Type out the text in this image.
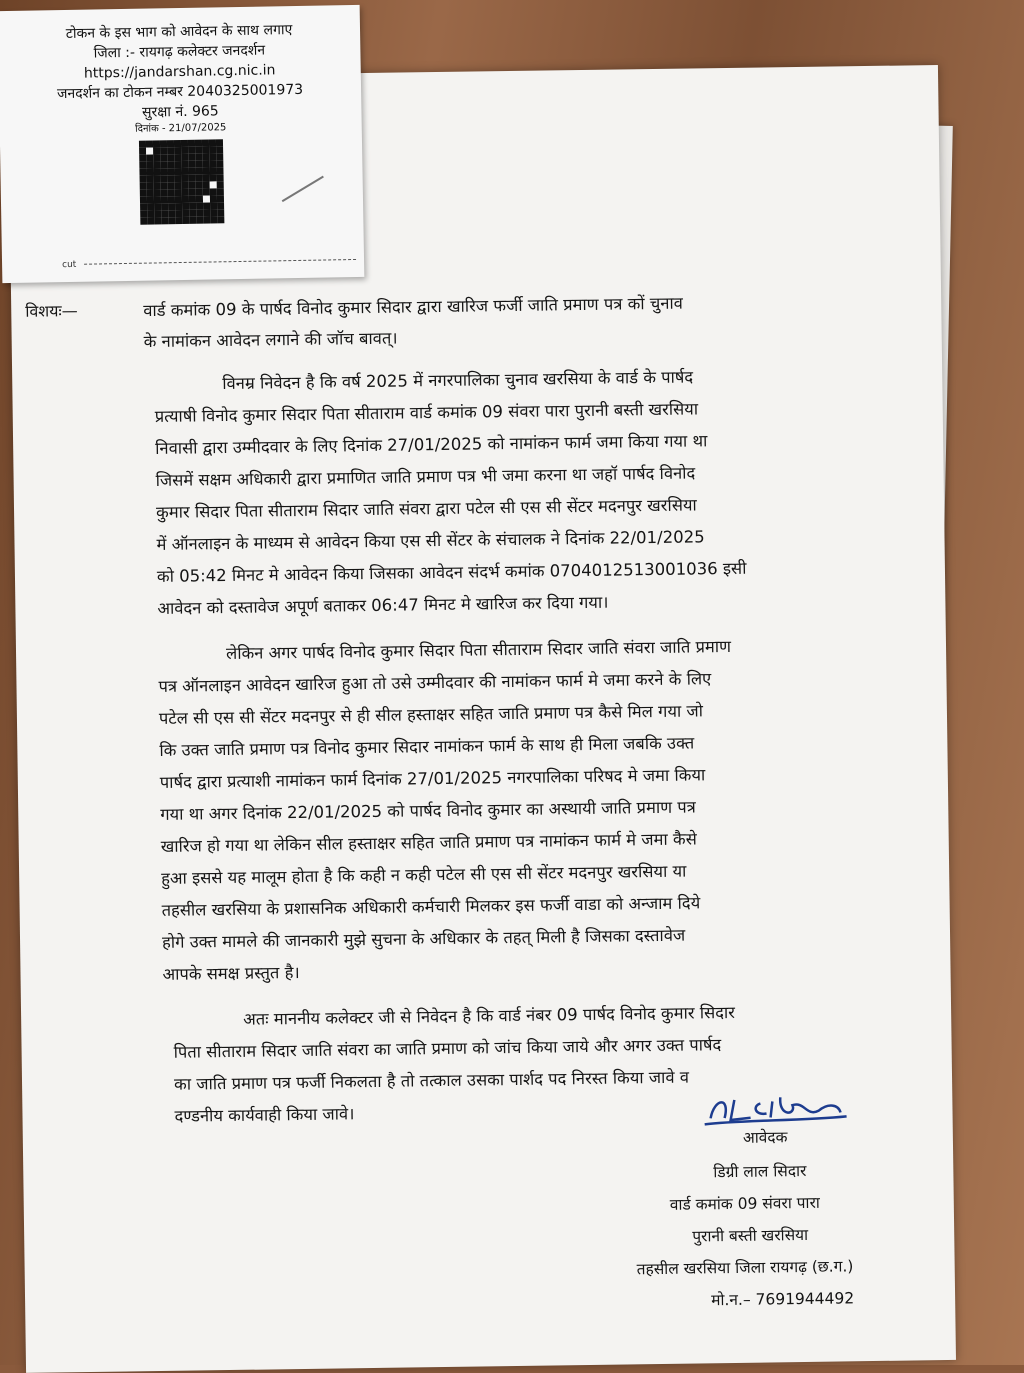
विशयः—	वार्ड कमांक 09 के पार्षद विनोद कुमार सिदार द्वारा खारिज फर्जी जाति प्रमाण पत्र कों चुनाव
के नामांकन आवेदन लगाने की जॉच बावत्।
विनम्र निवेदन है कि वर्ष 2025 में नगरपालिका चुनाव खरसिया के वार्ड के पार्षद
प्रत्याषी विनोद कुमार सिदार पिता सीताराम वार्ड कमांक 09 संवरा पारा पुरानी बस्ती खरसिया
निवासी द्वारा उम्मीदवार के लिए दिनांक 27/01/2025 को नामांकन फार्म जमा किया गया था
जिसमें सक्षम अधिकारी द्वारा प्रमाणित जाति प्रमाण पत्र भी जमा करना था जहॉ पार्षद विनोद
कुमार सिदार पिता सीताराम सिदार जाति संवरा द्वारा पटेल सी एस सी सेंटर मदनपुर खरसिया
में ऑनलाइन के माध्यम से आवेदन किया एस सी सेंटर के संचालक ने दिनांक 22/01/2025
को 05:42 मिनट मे आवेदन किया जिसका आवेदन संदर्भ कमांक 0704012513001036 इसी
आवेदन को दस्तावेज अपूर्ण बताकर 06:47 मिनट मे खारिज कर दिया गया।
लेकिन अगर पार्षद विनोद कुमार सिदार पिता सीताराम सिदार जाति संवरा जाति प्रमाण
पत्र ऑनलाइन आवेदन खारिज हुआ तो उसे उम्मीदवार की नामांकन फार्म मे जमा करने के लिए
पटेल सी एस सी सेंटर मदनपुर से ही सील हस्ताक्षर सहित जाति प्रमाण पत्र कैसे मिल गया जो
कि उक्त जाति प्रमाण पत्र विनोद कुमार सिदार नामांकन फार्म के साथ ही मिला जबकि उक्त
पार्षद द्वारा प्रत्याशी नामांकन फार्म दिनांक 27/01/2025 नगरपालिका परिषद मे जमा किया
गया था अगर दिनांक 22/01/2025 को पार्षद विनोद कुमार का अस्थायी जाति प्रमाण पत्र
खारिज हो गया था लेकिन सील हस्ताक्षर सहित जाति प्रमाण पत्र नामांकन फार्म मे जमा कैसे
हुआ इससे यह मालूम होता है कि कही न कही पटेल सी एस सी सेंटर मदनपुर खरसिया या
तहसील खरसिया के प्रशासनिक अधिकारी कर्मचारी मिलकर इस फर्जी वाडा को अन्जाम दिये
होगे उक्त मामले की जानकारी मुझे सुचना के अधिकार के तहत् मिली है जिसका दस्तावेज
आपके समक्ष प्रस्तुत है।
अतः माननीय कलेक्टर जी से निवेदन है कि वार्ड नंबर 09 पार्षद विनोद कुमार सिदार
पिता सीताराम सिदार जाति संवरा का जाति प्रमाण को जांच किया जाये और अगर उक्त पार्षद
का जाति प्रमाण पत्र फर्जी निकलता है तो तत्काल उसका पार्शद पद निरस्त किया जावे व
दण्डनीय कार्यवाही किया जावे।
आवेदक
डिग्री लाल सिदार
वार्ड कमांक 09 संवरा पारा
पुरानी बस्ती खरसिया
तहसील खरसिया जिला रायगढ़ (छ.ग.)
मो.न.– 7691944492
टोकन के इस भाग को आवेदन के साथ लगाए
जिला :- रायगढ़ कलेक्टर जनदर्शन
https://jandarshan.cg.nic.in
जनदर्शन का टोकन नम्बर 2040325001973
सुरक्षा नं. 965
दिनांक - 21/07/2025
cut
